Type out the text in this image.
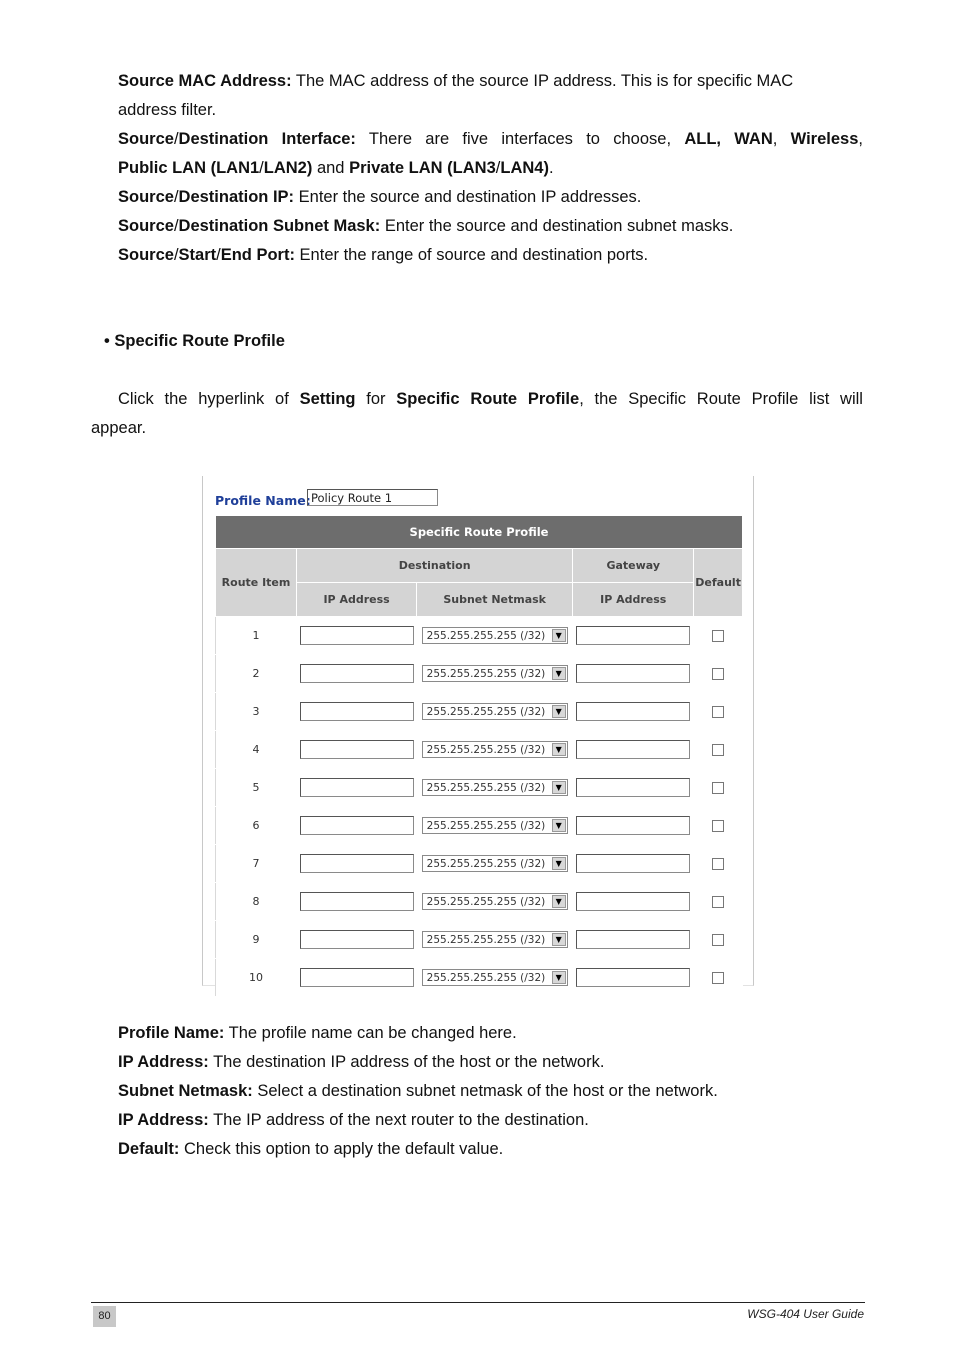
Source MAC Address: The MAC address of the source IP address. This is for specific MAC

address filter.

Source/Destination Interface: There are five interfaces to choose, ALL, WAN, Wireless,

Public LAN (LAN1/LAN2) and Private LAN (LAN3/LAN4).

Source/Destination IP: Enter the source and destination IP addresses.

Source/Destination Subnet Mask: Enter the source and destination subnet masks.

Source/Start/End Port: Enter the range of source and destination ports.

• Specific Route Profile

Click the hyperlink of Setting for Specific Route Profile, the Specific Route Profile list will

appear.

Profile Name: Policy Route 1
Specific Route Profile				
Route Item	Destination		Gateway	Default
	IP Address	Subnet Netmask	IP Address	
1		255.255.255.255 (/32) ▼		

2		255.255.255.255 (/32) ▼		

3		255.255.255.255 (/32) ▼		

4		255.255.255.255 (/32) ▼		

5		255.255.255.255 (/32) ▼		

6		255.255.255.255 (/32) ▼		

7		255.255.255.255 (/32) ▼		

8		255.255.255.255 (/32) ▼		

9		255.255.255.255 (/32) ▼		

10		255.255.255.255 (/32) ▼		

Profile Name: The profile name can be changed here.

IP Address: The destination IP address of the host or the network.

Subnet Netmask: Select a destination subnet netmask of the host or the network.

IP Address: The IP address of the next router to the destination.

Default: Check this option to apply the default value.

80	WSG-404 User Guide
